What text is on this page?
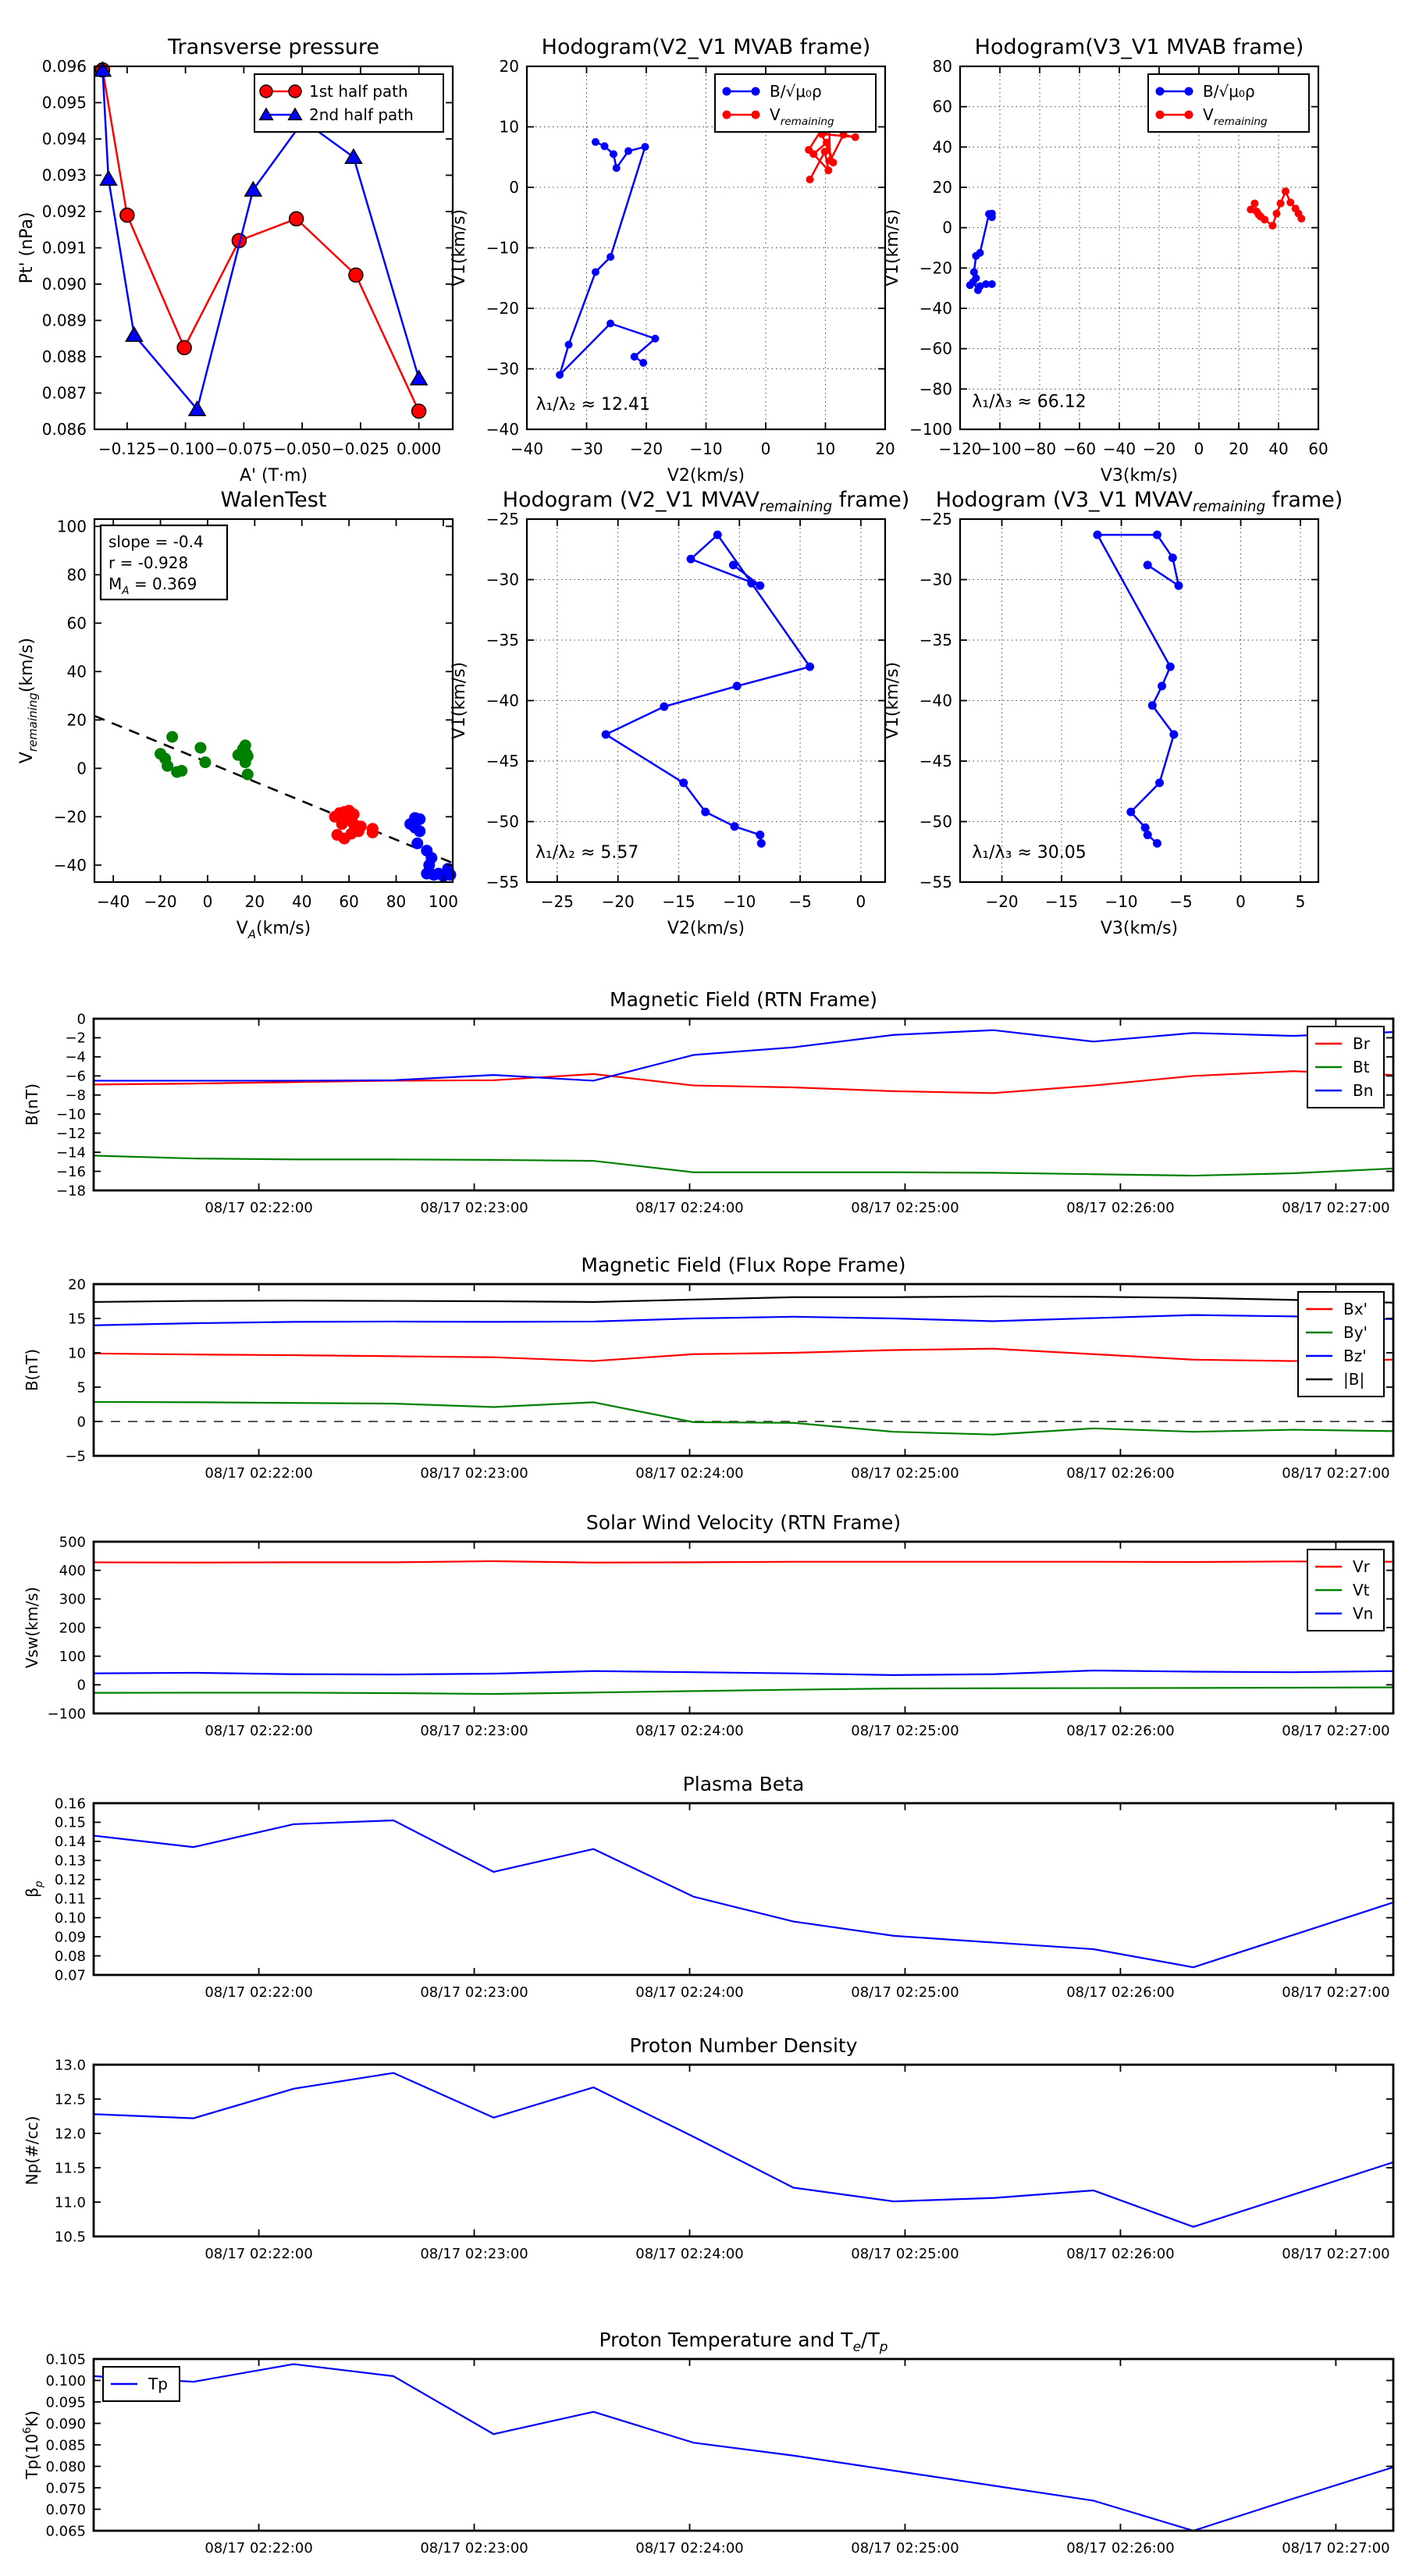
−0.125 −0.100 −0.075 −0.050 −0.025 0.000
0.086
0.087
0.088
0.089
0.090
0.091
0.092
0.093
0.094
0.095
0.096
Transverse pressure
A' (T·m)
Pt' (nPa)
1st half path
2nd half path
−40 −30 −20 −10 0	10	20
−40
−30
−20
−10
0
10
20
Hodogram(V2_V1 MVAB frame)
V2(km/s)
V1(km/s)
λ₁/λ₂ ≈ 12.41
B/√μ₀ρ
$V_{remaining}$
−120
−100 −80 −60 −40 −20 0 20 40 60
−100
−80
−60
−40
−20
0
20
40
60
80
Hodogram(V3_V1 MVAB frame)
V3(km/s)
V1(km/s)
λ₁/λ₃ ≈ 66.12
B/√μ₀ρ
$V_{remaining}$
−40 −20 0 20 40 60 80 100
−40
−20
0
20
40
60
80
100
WalenTest
$V_A(km/s)$
$V_{remaining}(km/s)$
slope = -0.4
r = -0.928
$M_A = 0.369$
−25 −20 −15 −10 −5	0
−55
−50
−45
−40
−35
−30
−25
Hodogram (V2_V1 $MVAV_{remaining}$ frame)
V2(km/s)
V1(km/s)
λ₁/λ₂ ≈ 5.57
−20 −15 −10 −5	0	5
−55
−50
−45
−40
−35
−30
−25
Hodogram (V3_V1 $MVAV_{remaining}$ frame)
V3(km/s)
V1(km/s)
λ₁/λ₃ ≈ 30.05
08/17 02:22:00	08/17 02:23:00	08/17 02:24:00	08/17 02:25:00	08/17 02:26:00	08/17 02:27:00
0
−2
−4
−6
−8
−10
−12
−14
−16
−18
Magnetic Field (RTN Frame)
B(nT)
Br
Bt
Bn
08/17 02:22:00	08/17 02:23:00	08/17 02:24:00	08/17 02:25:00	08/17 02:26:00	08/17 02:27:00
−5
0
5
10
15
20
Magnetic Field (Flux Rope Frame)
B(nT)
Bx'
By'
Bz'
|B|
08/17 02:22:00	08/17 02:23:00	08/17 02:24:00	08/17 02:25:00	08/17 02:26:00	08/17 02:27:00
−100
0
100
200
300
400
500
Solar Wind Velocity (RTN Frame)
Vsw(km/s)
Vr
Vt
Vn
08/17 02:22:00	08/17 02:23:00	08/17 02:24:00	08/17 02:25:00	08/17 02:26:00	08/17 02:27:00
0.07
0.08
0.09
0.10
0.11
0.12
0.13
0.14
0.15
0.16
Plasma Beta
$\beta_p$
08/17 02:22:00	08/17 02:23:00	08/17 02:24:00	08/17 02:25:00	08/17 02:26:00	08/17 02:27:00
10.5
11.0
11.5
12.0
12.5
13.0
Proton Number Density
Np(#/cc)
08/17 02:22:00	08/17 02:23:00	08/17 02:24:00	08/17 02:25:00	08/17 02:26:00	08/17 02:27:00
0.065
0.070
0.075
0.080
0.085
0.090
0.095
0.100
0.105
Proton Temperature and $T_e/T_p$
$Tp(10^6K)$
Tp
